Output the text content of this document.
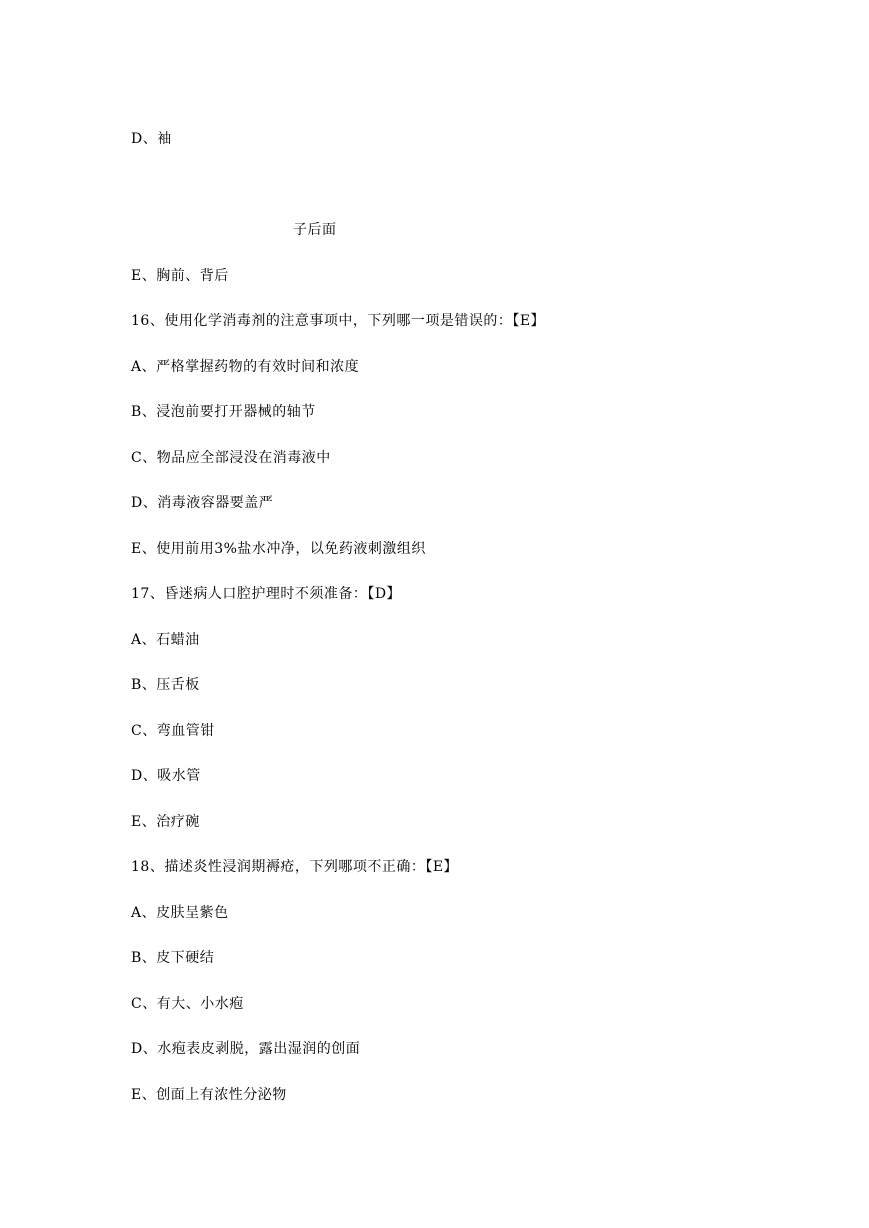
D、袖
子后面
E、胸前、背后
16、使用化学消毒剂的注意事项中，下列哪一项是错误的：【E】
A、严格掌握药物的有效时间和浓度
B、浸泡前要打开器械的轴节
C、物品应全部浸没在消毒液中
D、消毒液容器要盖严
E、使用前用3%盐水冲净，以免药液刺激组织
17、昏迷病人口腔护理时不须准备：【D】
A、石蜡油
B、压舌板
C、弯血管钳
D、吸水管
E、治疗碗
18、描述炎性浸润期褥疮，下列哪项不正确：【E】
A、皮肤呈紫色
B、皮下硬结
C、有大、小水疱
D、水疱表皮剥脱，露出湿润的创面
E、创面上有浓性分泌物
